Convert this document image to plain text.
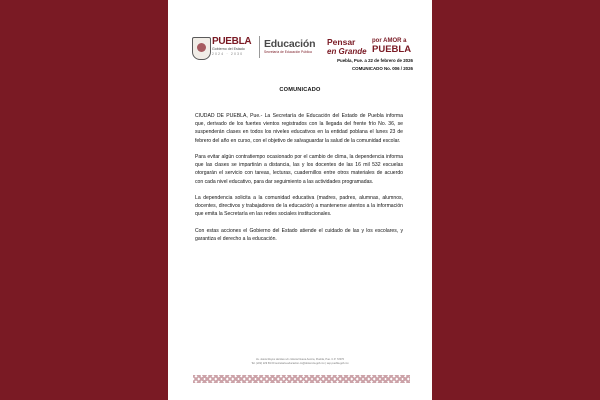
PUEBLA
Gobierno del Estado
2024 · 2030
Educación
Secretaría de Educación Pública
Pensar
en Grande
por AMOR a
PUEBLA
Puebla, Pue. a 22 de febrero de 2026
COMUNICADO No. 006 / 2026
COMUNICADO

CIUDAD DE PUEBLA, Pue.- La Secretaría de Educación del Estado de Puebla informa que, derivado de los fuertes vientos registrados con la llegada del frente frío No. 36, se suspenderán clases en todos los niveles educativos en la entidad poblana el lunes 23 de febrero del año en curso, con el objetivo de salvaguardar la salud de la comunidad escolar.

Para evitar algún contratiempo ocasionado por el cambio de clima, la dependencia informa que las clases se impartirán a distancia, las y los docentes de las 16 mil 532 escuelas otorgarán el servicio con tareas, lecturas, cuadernillos entre otros materiales de acuerdo con cada nivel educativo, para dar seguimiento a las actividades programadas.

La dependencia solicita a la comunidad educativa (madres, padres, alumnas, alumnos, docentes, directivos y trabajadores de la educación) a mantenerse atentos a la información que emita la Secretaría en las redes sociales institucionales.

Con estas acciones el Gobierno del Estado atiende el cuidado de las y los escolares, y garantiza el derecho a la educación.

Av. Jesús Reyes Heroles s/n colonia Nueva Aurora, Puebla, Pue. C.P. 72070
Tel. (222) 229 69 00 secretaria.educacion.cs@docencia.gob.mx | sep.puebla.gob.mx
